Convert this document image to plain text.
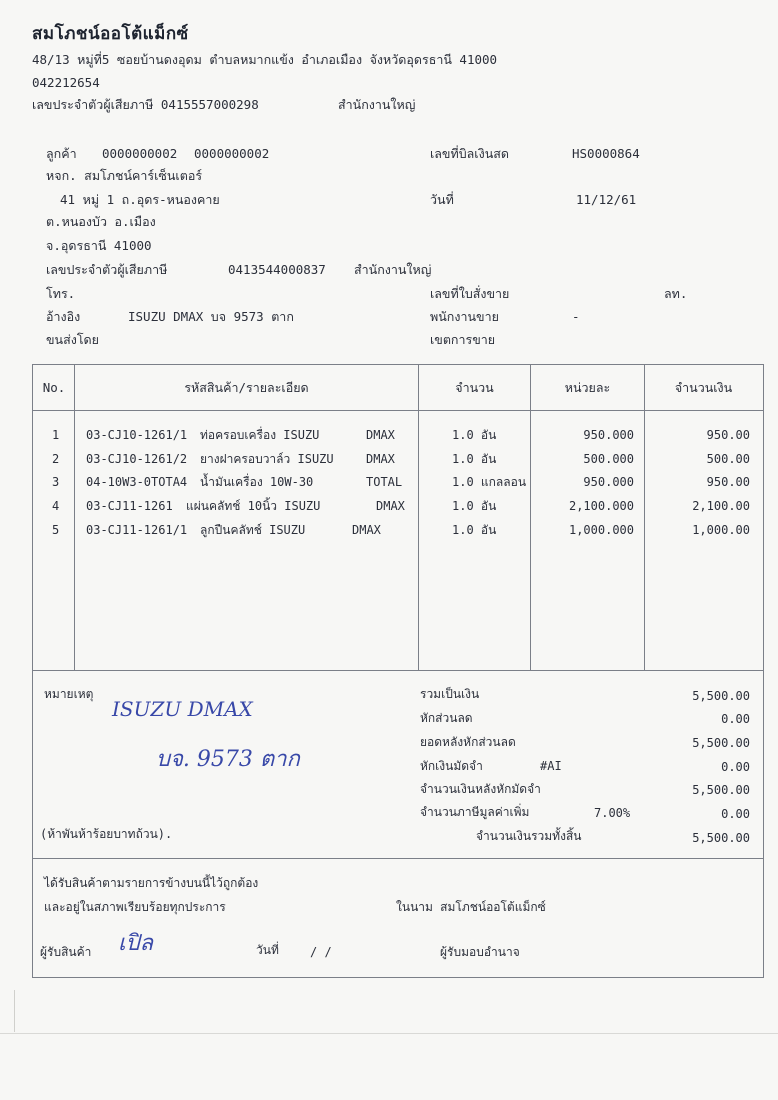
สมโภชน์ออโต้แม็กซ์
48/13 หมู่ที่5 ซอยบ้านดงอุดม ตำบลหมากแข้ง อำเภอเมือง จังหวัดอุดรธานี 41000
042212654
เลขประจำตัวผู้เสียภาษี 0415557000298	สำนักงานใหญ่
ลูกค้า 0000000002 0000000002
หจก. สมโภชน์คาร์เซ็นเตอร์
41 หมู่ 1 ถ.อุดร-หนองคาย
ต.หนองบัว อ.เมือง
จ.อุดรธานี 41000
เลขประจำตัวผู้เสียภาษี	0413544000837 สำนักงานใหญ่
โทร.
อ้างอิง	ISUZU DMAX บจ 9573 ตาก
ขนส่งโดย
เลขที่บิลเงินสด	HS0000864
วันที่	11/12/61
เลขที่ใบสั่งขาย	ลท.
พนักงานขาย	-
เขตการขาย
No.	รหัสสินค้า/รายละเอียด	จำนวน	หน่วยละ	จำนวนเงิน
1 03-CJ10-1261/1 ท่อครอบเครื่อง ISUZU	DMAX	1.0 อัน	950.000	950.00
2 03-CJ10-1261/2 ยางฝาครอบวาล์ว ISUZU	DMAX	1.0 อัน	500.000	500.00
3 04-10W3-0TOTA4 น้ำมันเครื่อง 10W-30	TOTAL	1.0 แกลลอน	950.000	950.00
4 03-CJ11-1261 แผ่นคลัทช์ 10นิ้ว ISUZU	DMAX	1.0 อัน	2,100.000	2,100.00
5 03-CJ11-1261/1 ลูกปืนคลัทช์ ISUZU	DMAX	1.0 อัน	1,000.000	1,000.00
หมายเหตุ
ISUZU DMAX
บจ. 9573 ตาก
(ห้าพันห้าร้อยบาทถ้วน).
รวมเป็นเงิน	5,500.00
หักส่วนลด	0.00
ยอดหลังหักส่วนลด	5,500.00
หักเงินมัดจำ	#AI	0.00
จำนวนเงินหลังหักมัดจำ	5,500.00
จำนวนภาษีมูลค่าเพิ่ม	7.00%	0.00
จำนวนเงินรวมทั้งสิ้น	5,500.00
ได้รับสินค้าตามรายการข้างบนนี้ไว้ถูกต้อง
และอยู่ในสภาพเรียบร้อยทุกประการ	ในนาม สมโภชน์ออโต้แม็กซ์
ผู้รับสินค้า เปิล	วันที่	/ /	ผู้รับมอบอำนาจ
